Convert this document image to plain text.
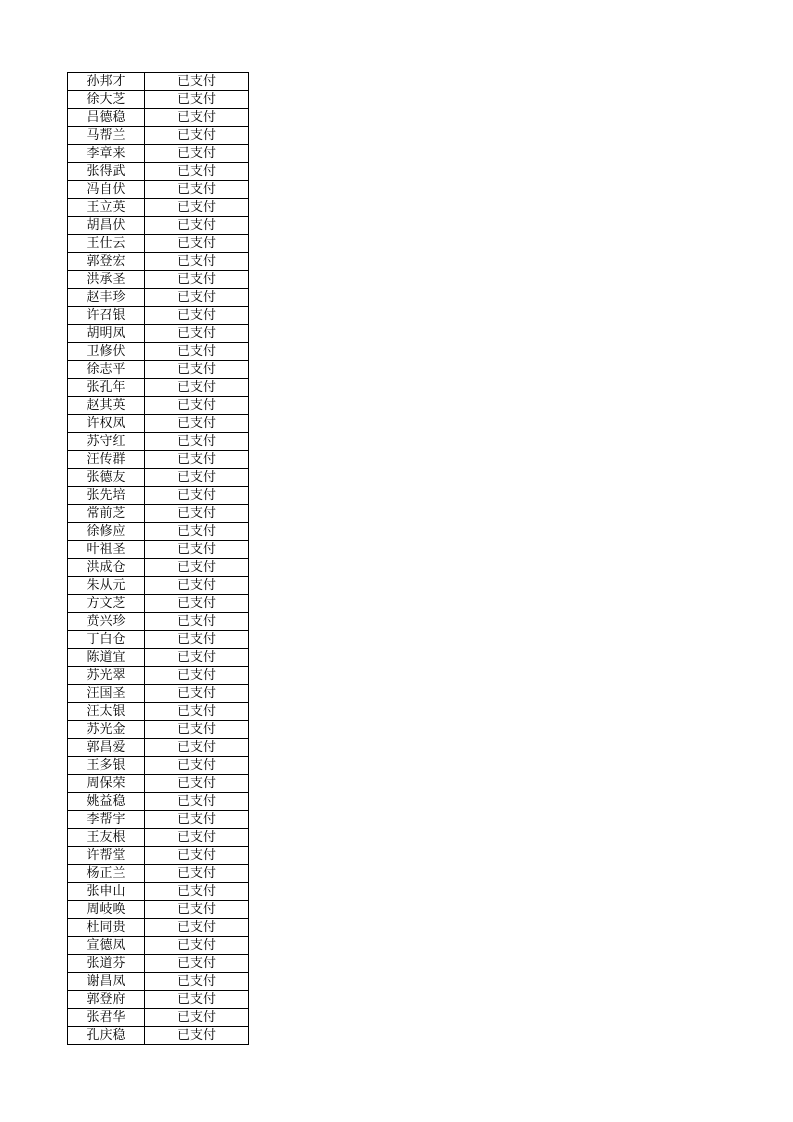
孙邦才	已支付
徐大芝	已支付
吕德稳	已支付
马帮兰	已支付
李章来	已支付
张得武	已支付
冯自伏	已支付
王立英	已支付
胡昌伏	已支付
王仕云	已支付
郭登宏	已支付
洪承圣	已支付
赵丰珍	已支付
许召银	已支付
胡明凤	已支付
卫修伏	已支付
徐志平	已支付
张孔年	已支付
赵其英	已支付
许权凤	已支付
苏守红	已支付
汪传群	已支付
张德友	已支付
张先培	已支付
常前芝	已支付
徐修应	已支付
叶祖圣	已支付
洪成仓	已支付
朱从元	已支付
方文芝	已支付
贲兴珍	已支付
丁白仓	已支付
陈道宜	已支付
苏光翠	已支付
汪国圣	已支付
汪太银	已支付
苏光金	已支付
郭昌爱	已支付
王多银	已支付
周保荣	已支付
姚益稳	已支付
李帮宇	已支付
王友根	已支付
许帮堂	已支付
杨正兰	已支付
张申山	已支付
周岐唤	已支付
杜同贵	已支付
宣德凤	已支付
张道芬	已支付
谢昌凤	已支付
郭登府	已支付
张君华	已支付
孔庆稳	已支付
